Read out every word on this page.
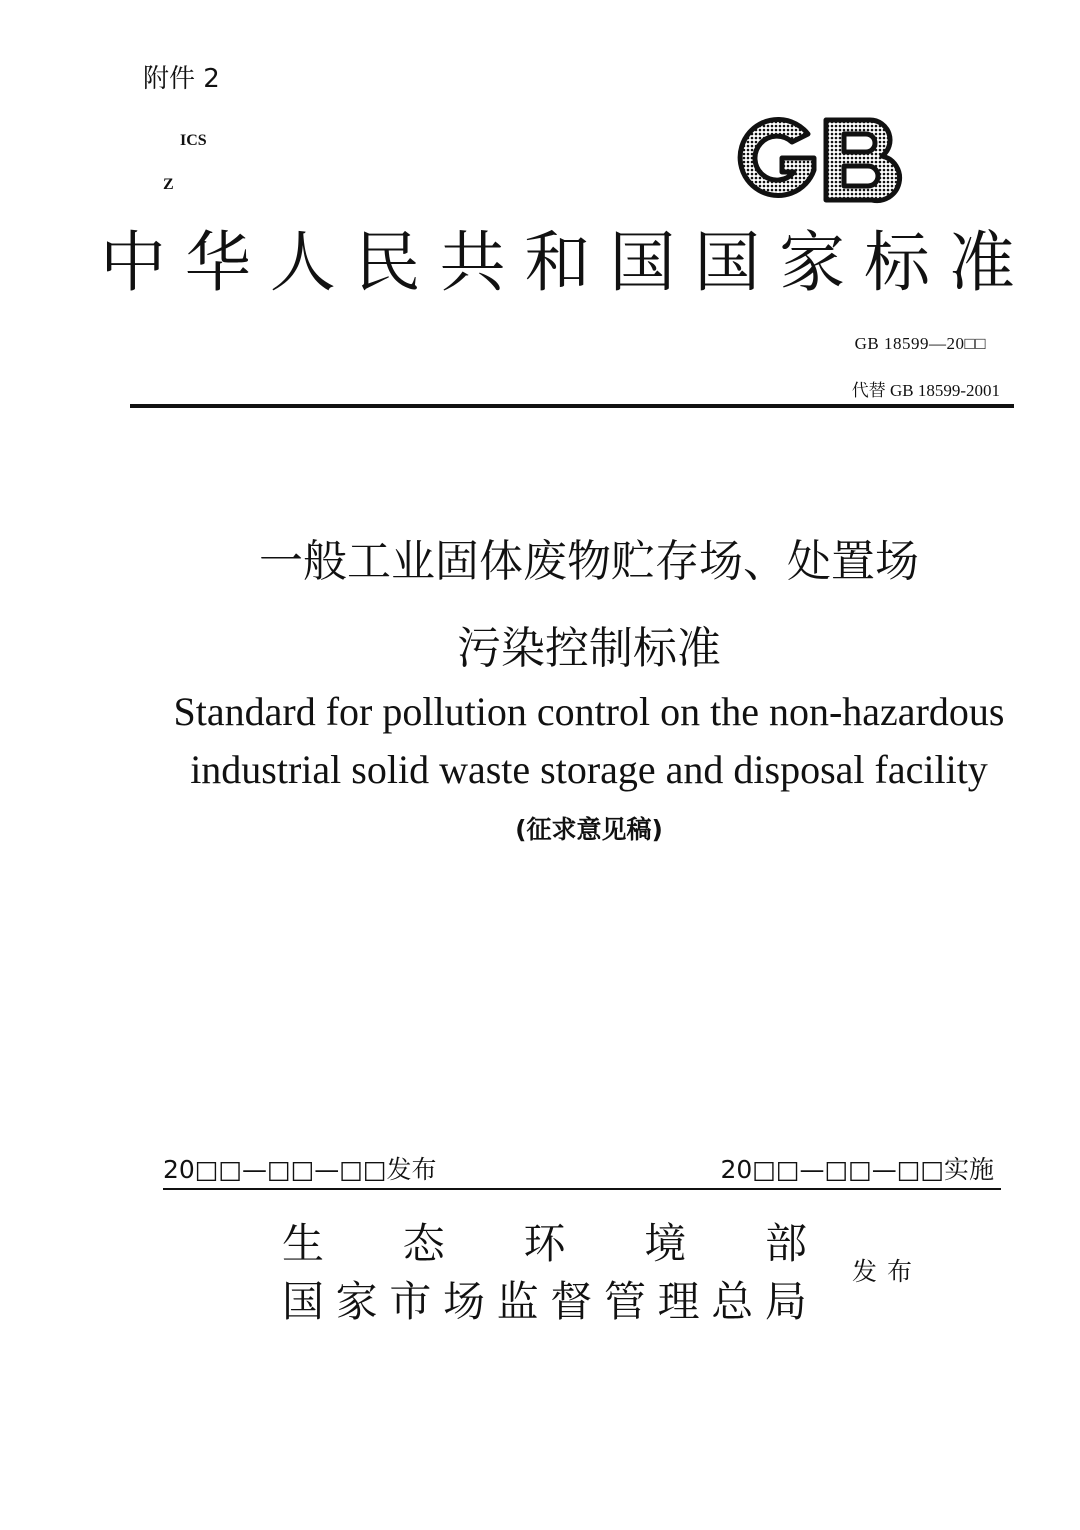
附件 2
ICS
Z
中 华 人 民 共 和 国 国 家 标 准
GB 18599—20□□
代替 GB 18599-2001
一般工业固体废物贮存场、处置场
污染控制标准
Standard for pollution control on the non-hazardous
industrial solid waste storage and disposal facility
(征求意见稿)
20□□—□□—□□发布	20□□—□□—□□实施
生 态 环 境 部
国 家 市 场 监 督 管 理 总 局
发布
